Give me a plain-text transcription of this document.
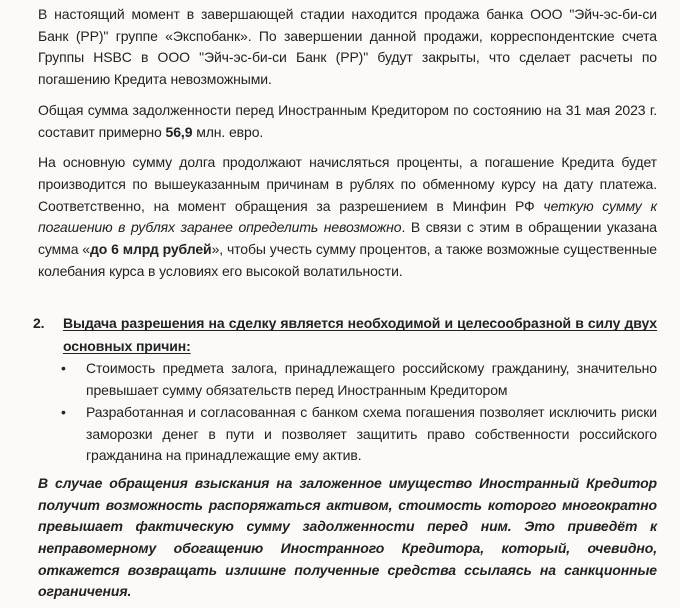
В настоящий момент в завершающей стадии находится продажа банка ООО "Эйч-эс-би-си Банк (РР)" группе «Экспобанк». По завершении данной продажи, корреспондентские счета Группы HSBC в ООО "Эйч-эс-би-си Банк (РР)" будут закрыты, что сделает расчеты по погашению Кредита невозможными.

Общая сумма задолженности перед Иностранным Кредитором по состоянию на 31 мая 2023 г. составит примерно 56,9 млн. евро.

На основную сумму долга продолжают начисляться проценты, а погашение Кредита будет производится по вышеуказанным причинам в рублях по обменному курсу на дату платежа. Соответственно, на момент обращения за разрешением в Минфин РФ четкую сумму к погашению в рублях заранее определить невозможно. В связи с этим в обращении указана сумма «до 6 млрд рублей», чтобы учесть сумму процентов, а также возможные существенные колебания курса в условиях его высокой волатильности.

2.	Выдача разрешения на сделку является необходимой и целесообразной в силу двух основных причин:
•	Стоимость предмета залога, принадлежащего российскому гражданину, значительно превышает сумму обязательств перед Иностранным Кредитором
•	Разработанная и согласованная с банком схема погашения позволяет исключить риски заморозки денег в пути и позволяет защитить право собственности российского гражданина на принадлежащие ему актив.

В случае обращения взыскания на заложенное имущество Иностранный Кредитор получит возможность распоряжаться активом, стоимость которого многократно превышает фактическую сумму задолженности перед ним. Это приведёт к неправомерному обогащению Иностранного Кредитора, который, очевидно, откажется возвращать излишне полученные средства ссылаясь на санкционные ограничения.
